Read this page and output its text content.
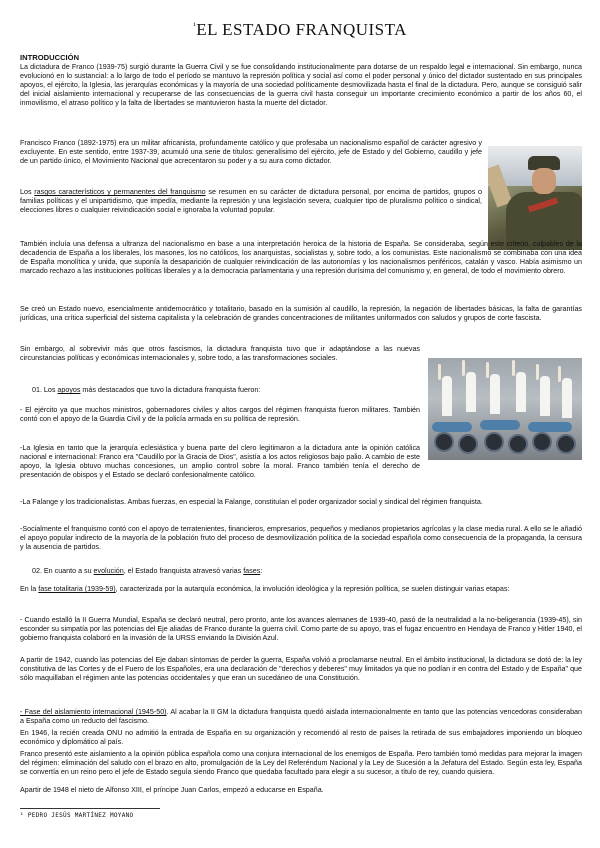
$^{^1}$EL ESTADO FRANQUISTA
INTRODUCCIÓN
La dictadura de Franco (1939-75) surgió durante la Guerra Civil y se fue consolidando institucionalmente para dotarse de un respaldo legal e internacional. Sin embargo, nunca evolucionó en lo sustancial: a lo largo de todo el período se mantuvo la represión política y social así como el poder personal y único del dictador sustentado en sus principales apoyos, el ejército, la Iglesia, las jerarquías económicas y la mayoría de una sociedad políticamente desmovilizada hasta el final de la dictadura. Pero, aunque se consiguió salir del inicial aislamiento internacional y recuperarse de las consecuencias de la guerra civil hasta conseguir un importante crecimiento económico a partir de los años 60, el inmovilismo, el atraso político y la falta de libertades se mantuvieron hasta la muerte del dictador.
Francisco Franco (1892-1975) era un militar africanista, profundamente católico y que profesaba un nacionalismo español de carácter agresivo y excluyente. En este sentido, entre 1937-39, acumuló una serie de títulos: generalísimo del ejército, jefe de Estado y del Gobierno, caudillo y jefe de un partido único, el Movimiento Nacional que acrecentaron su poder y a su aura como dictador.
Los rasgos característicos y permanentes del franquismo se resumen en su carácter de dictadura personal, por encima de partidos, grupos o familias políticas y el unipartidismo, que impedía, mediante la represión y una legislación severa, cualquier tipo de pluralismo político o sindical, elecciones libres o cualquier reivindicación social e ignoraba la voluntad popular.
También incluía una defensa a ultranza del nacionalismo en base a una interpretación heroica de la historia de España. Se consideraba, según este criterio, culpables de la decadencia de España a los liberales, los masones, los no católicos, los anarquistas, socialistas y, sobre todo, a los comunistas. Este nacionalismo se combinaba con una idea de España monolítica y unida, que suponía la desaparición de cualquier reivindicación de las autonomías y los nacionalismos periféricos, catalán y vasco. Había asimismo un marcado rechazo a las instituciones políticas liberales y a la democracia parlamentaria y una represión durísima del comunismo y, en general, de todo el movimiento obrero.
Se creó un Estado nuevo, esencialmente antidemocrático y totalitario, basado en la sumisión al caudillo, la represión, la negación de libertades básicas, la falta de garantías jurídicas, una crítica superficial del sistema capitalista y la celebración de grandes concentraciones de militantes uniformados con saludos y grupos de corte fascista.
Sin embargo, al sobrevivir más que otros fascismos, la dictadura franquista tuvo que ir adaptándose a las nuevas circunstancias políticas y económicas internacionales y, sobre todo, a las transformaciones sociales.
01. Los apoyos más destacados que tuvo la dictadura franquista fueron:
- El ejército ya que muchos ministros, gobernadores civiles y altos cargos del régimen franquista fueron militares. También contó con el apoyo de la Guardia Civil y de la policía armada en su política de represión.
-La Iglesia en tanto que la jerarquía eclesiástica y buena parte del clero legitimaron a la dictadura ante la opinión católica nacional e internacional: Franco era "Caudillo por la Gracia de Dios", asistía a los actos religiosos bajo palio. A cambio de este apoyo, la Iglesia obtuvo muchas concesiones, un amplio control sobre la moral. Franco también tenía el derecho de presentación de obispos y el Estado se declaró confesionalmente católico.
-La Falange y los tradicionalistas. Ambas fuerzas, en especial la Falange, constituían el poder organizador social y sindical del régimen franquista.
-Socialmente el franquismo contó con el apoyo de terratenientes, financieros, empresarios, pequeños y medianos propietarios agrícolas y la clase media rural. A ello se le añadió el apoyo popular indirecto de la mayoría de la población fruto del proceso de desmovilización política de la sociedad española como consecuencia de la propaganda, la censura y la ausencia de partidos.
02. En cuanto a su evolución, el Estado franquista atravesó varias fases:
En la fase totalitaria (1939-59), caracterizada por la autarquía económica, la involución ideológica y la represión política, se suelen distinguir varias etapas:
- Cuando estalló la II Guerra Mundial, España se declaró neutral, pero pronto, ante los avances alemanes de 1939-40, pasó de la neutralidad a la no-beligerancia (1939-45), sin esconder su simpatía por las potencias del Eje aliadas de Franco durante la guerra civil. Como parte de su apoyo, tras el fugaz encuentro en Hendaya de Franco y Hitler 1940, el gobierno franquista colaboró en la invasión de la URSS enviando la División Azul.
A partir de 1942, cuando las potencias del Eje daban síntomas de perder la guerra, España volvió a proclamarse neutral. En el ámbito institucional, la dictadura se dotó de: la ley constitutiva de las Cortes y de el Fuero de los Españoles, era una declaración de "derechos y deberes" muy limitados ya que no podían ir en contra del Estado y de España" que sólo maquillaban el régimen ante las potencias occidentales y que eran un sucedáneo de una Constitución.
- Fase del aislamiento internacional (1945-50). Al acabar la II GM la dictadura franquista quedó aislada internacionalmente en tanto que las potencias vencedoras consideraban a España como un reducto del fascismo.
En 1946, la recién creada ONU no admitió la entrada de España en su organización y recomendó al resto de países la retirada de sus embajadores imponiendo un bloqueo económico y diplomático al país.
Franco presentó este aislamiento a la opinión pública española como una conjura internacional de los enemigos de España. Pero también tomó medidas para mejorar la imagen del régimen: eliminación del saludo con el brazo en alto, promulgación de la Ley del Referéndum Nacional y la Ley de Sucesión a la Jefatura del Estado. Según esta ley, España se convertía en un reino pero el jefe de Estado seguía siendo Franco que quedaba facultado para elegir a su sucesor, a título de rey, cuando quisiera.
Apartir de 1948 el nieto de Alfonso XIII, el príncipe Juan Carlos, empezó a educarse en España.
¹ PEDRO JESÚS MARTÍNEZ MOYANO
